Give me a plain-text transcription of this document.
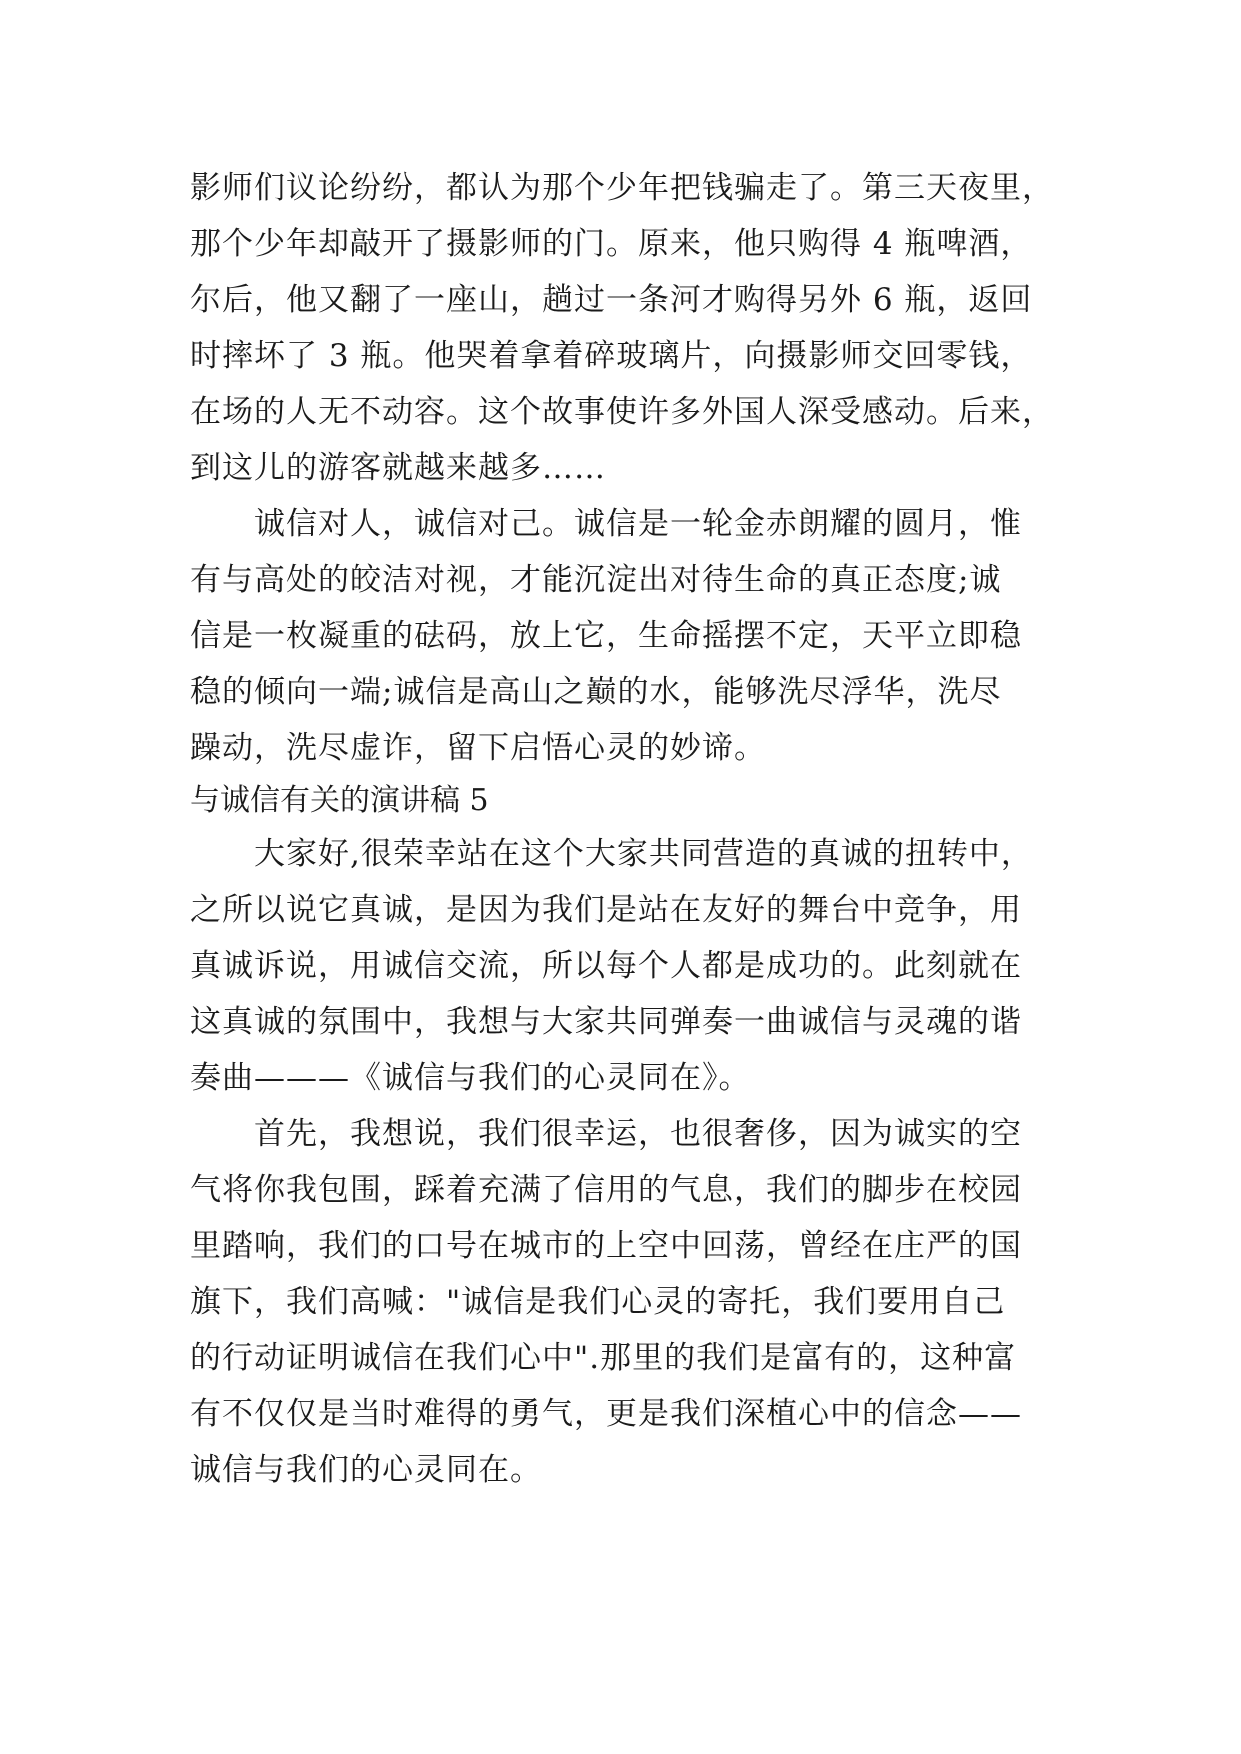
影师们议论纷纷，都认为那个少年把钱骗走了。第三天夜里，
那个少年却敲开了摄影师的门。原来，他只购得 4 瓶啤酒，
尔后，他又翻了一座山，趟过一条河才购得另外 6 瓶，返回
时摔坏了 3 瓶。他哭着拿着碎玻璃片，向摄影师交回零钱，
在场的人无不动容。这个故事使许多外国人深受感动。后来，
到这儿的游客就越来越多……
诚信对人，诚信对己。诚信是一轮金赤朗耀的圆月，惟
有与高处的皎洁对视，才能沉淀出对待生命的真正态度;诚
信是一枚凝重的砝码，放上它，生命摇摆不定，天平立即稳
稳的倾向一端;诚信是高山之巅的水，能够洗尽浮华，洗尽
躁动，洗尽虚诈，留下启悟心灵的妙谛。
与诚信有关的演讲稿 5
大家好,很荣幸站在这个大家共同营造的真诚的扭转中，
之所以说它真诚，是因为我们是站在友好的舞台中竞争，用
真诚诉说，用诚信交流，所以每个人都是成功的。此刻就在
这真诚的氛围中，我想与大家共同弹奏一曲诚信与灵魂的谐
奏曲———《诚信与我们的心灵同在》。
首先，我想说，我们很幸运，也很奢侈，因为诚实的空
气将你我包围，踩着充满了信用的气息，我们的脚步在校园
里踏响，我们的口号在城市的上空中回荡，曾经在庄严的国
旗下，我们高喊："诚信是我们心灵的寄托，我们要用自己
的行动证明诚信在我们心中".那里的我们是富有的，这种富
有不仅仅是当时难得的勇气，更是我们深植心中的信念——
诚信与我们的心灵同在。
